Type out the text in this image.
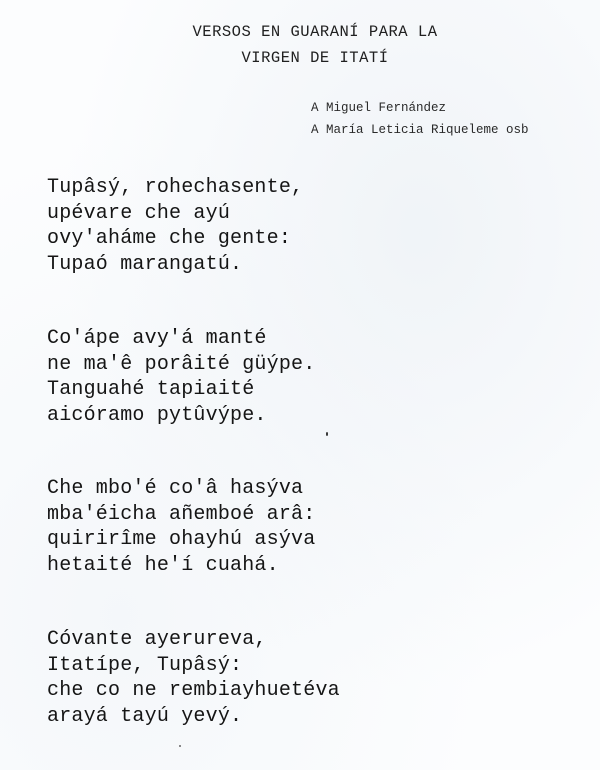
VERSOS EN GUARANÍ PARA LA
VIRGEN DE ITATÍ
A Miguel Fernández
A María Leticia Riqueleme osb
Tupâsý, rohechasente,
upévare che ayú
ovy'aháme che gente:
Tupaó marangatú.
Co'ápe avy'á manté
ne ma'ê porâité güýpe.
Tanguahé tapiaité
aicóramo pytûvýpe.
Che mbo'é co'â hasýva
mba'éicha añemboé arâ:
quirirîme ohayhú asýva
hetaité he'í cuahá.
Cóvante ayerureva,
Itatípe, Tupâsý:
che co ne rembiayhuetéva
arayá tayú yevý.
